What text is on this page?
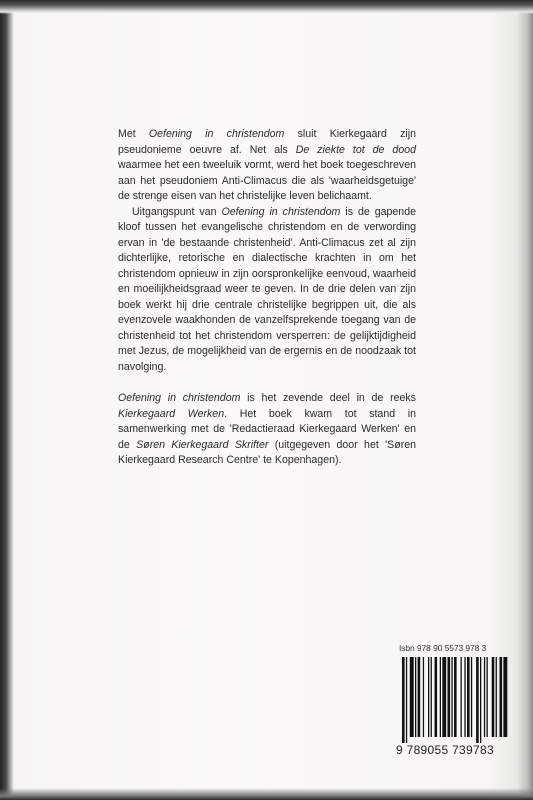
Met Oefening in christendom sluit Kierkegaard zijn pseudonieme oeuvre af. Net als De ziekte tot de dood waarmee het een tweeluik vormt, werd het boek toegeschreven aan het pseudoniem Anti-Climacus die als 'waarheidsgetuige' de strenge eisen van het christelijke leven belichaamt.

Uitgangspunt van Oefening in christendom is de gapende kloof tussen het evangelische christendom en de verwording ervan in 'de bestaande christenheid'. Anti-Climacus zet al zijn dichterlijke, retorische en dialectische krachten in om het christendom opnieuw in zijn oorspronkelijke eenvoud, waarheid en moeilijkheidsgraad weer te geven. In de drie delen van zijn boek werkt hij drie centrale christelijke begrippen uit, die als evenzovele waakhonden de vanzelfsprekende toegang van de christenheid tot het christendom versperren: de gelijktijdigheid met Jezus, de mogelijkheid van de ergernis en de noodzaak tot navolging.

Oefening in christendom is het zevende deel in de reeks Kierkegaard Werken. Het boek kwam tot stand in samenwerking met de 'Redactieraad Kierkegaard Werken' en de Søren Kierkegaard Skrifter (uitgegeven door het 'Søren Kierkegaard Research Centre' te Kopenhagen).

Isbn 978 90 5573 978 3
9 789055 739783
